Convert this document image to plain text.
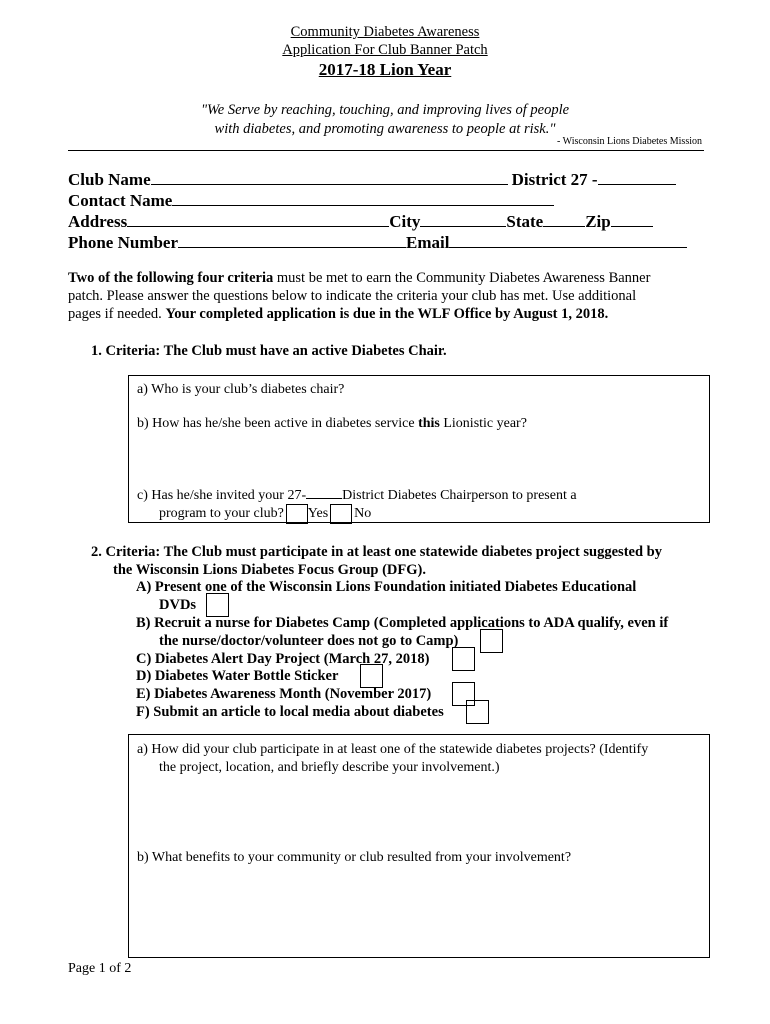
Community Diabetes Awareness
Application For Club Banner Patch
2017-18 Lion Year
"We Serve by reaching, touching, and improving lives of people
with diabetes, and promoting awareness to people at risk."
- Wisconsin Lions Diabetes Mission
Club Name	District 27 -
Contact Name
Address	City	State Zip
Phone Number	Email
Two of the following four criteria must be met to earn the Community Diabetes Awareness Banner
patch. Please answer the questions below to indicate the criteria your club has met. Use additional
pages if needed. Your completed application is due in the WLF Office by August 1, 2018.
1. Criteria: The Club must have an active Diabetes Chair.
a) Who is your club’s diabetes chair?
b) How has he/she been active in diabetes service this Lionistic year?
c) Has he/she invited your 27-	District Diabetes Chairperson to present a
program to your club? Yes No
2. Criteria: The Club must participate in at least one statewide diabetes project suggested by
the Wisconsin Lions Diabetes Focus Group (DFG).
A) Present one of the Wisconsin Lions Foundation initiated Diabetes Educational
DVDs
B) Recruit a nurse for Diabetes Camp (Completed applications to ADA qualify, even if
the nurse/doctor/volunteer does not go to Camp)
C) Diabetes Alert Day Project (March 27, 2018)
D) Diabetes Water Bottle Sticker
E) Diabetes Awareness Month (November 2017)
F) Submit an article to local media about diabetes
a) How did your club participate in at least one of the statewide diabetes projects? (Identify
the project, location, and briefly describe your involvement.)
b) What benefits to your community or club resulted from your involvement?
Page 1 of 2
